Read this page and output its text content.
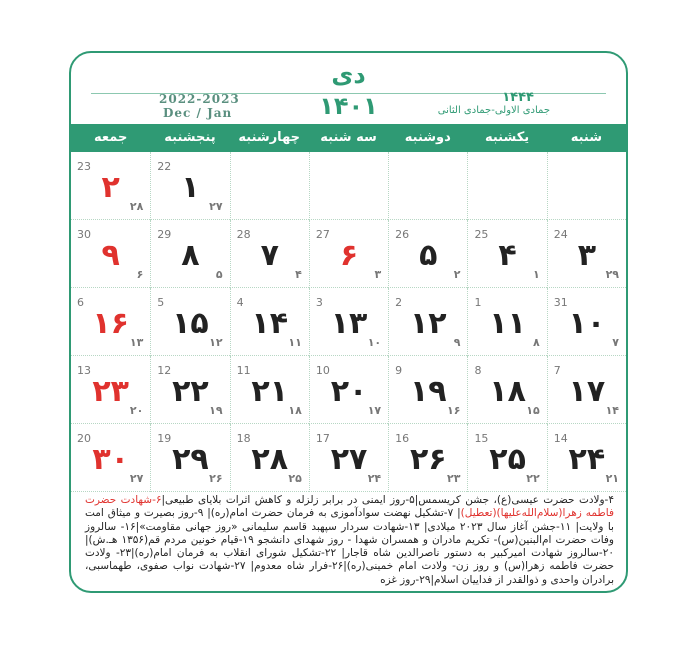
دی
2022-2023
Dec / Jan	۱۴۰۱	۱۴۴۴
جمادی الاولی-جمادی الثانی
شنبه
یکشنبه
دوشنبه
سه شنبه
چهارشنبه
پنجشنبه
جمعه
22
۱
۲۷
23
۲
۲۸
24
۳
۲۹
25
۴
۱
26
۵
۲
27
۶
۳
28
۷
۴
29
۸
۵
30
۹
۶
31
۱۰
۷
1
۱۱
۸
2
۱۲
۹
3
۱۳
۱۰
4
۱۴
۱۱
5
۱۵
۱۲
6
۱۶
۱۳
7
۱۷
۱۴
8
۱۸
۱۵
9
۱۹
۱۶
10
۲۰
۱۷
11
۲۱
۱۸
12
۲۲
۱۹
13
۲۳
۲۰
14
۲۴
۲۱
15
۲۵
۲۲
16
۲۶
۲۳
17
۲۷
۲۴
18
۲۸
۲۵
19
۲۹
۲۶
20
۳۰
۲۷
۴-ولادت حضرت عیسی(ع)، جشن کریسمس|۵-روز ایمنی در برابر زلزله و کاهش اثرات بلایای طبیعی|۶-شهادت حضرت فاطمه زهرا(سلام‌الله‌علیها)(تعطیل)| ۷-تشکیل نهضت سوادآموزی به فرمان حضرت امام(ره)| ۹-روز بصیرت و میثاق امت با ولایت| ۱۱-جشن آغاز سال ۲۰۲۳ میلادی| ۱۳-شهادت سردار سپهبد قاسم سلیمانی «روز جهانی مقاومت»|۱۶- سالروز وفات حضرت ام‌البنین(س)- تکریم مادران و همسران شهدا - روز شهدای دانشجو ۱۹-قیام خونین مردم قم(۱۳۵۶ هـ.ش)|۲۰-سالروز شهادت امیرکبیر به دستور ناصرالدین شاه قاجار| ۲۲-تشکیل شورای انقلاب به فرمان امام(ره)|۲۳- ولادت حضرت فاطمه زهرا(س) و روز زن- ولادت امام خمینی(ره)|۲۶-فرار شاه معدوم| ۲۷-شهادت نواب صفوی، طهماسبی، برادران واحدی و ذوالقدر از فداییان اسلام|۲۹-روز غزه
